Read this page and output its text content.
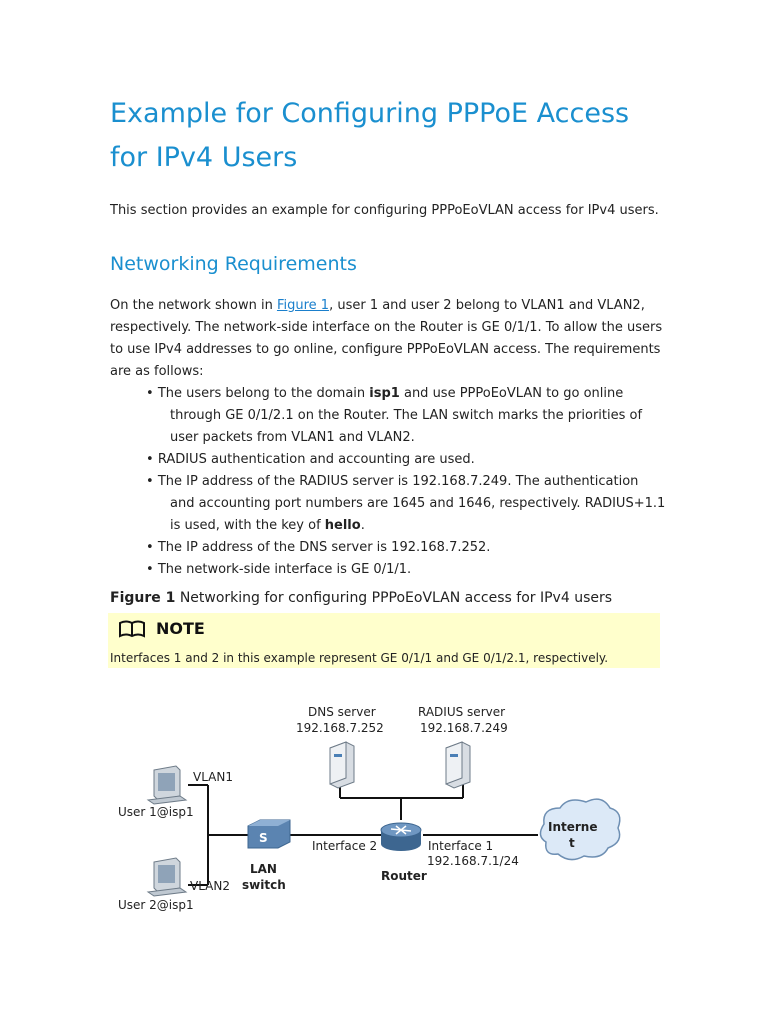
Example for Configuring PPPoE Access for IPv4 Users

This section provides an example for configuring PPPoEoVLAN access for IPv4 users.

Networking Requirements

On the network shown in Figure 1, user 1 and user 2 belong to VLAN1 and VLAN2, respectively. The network-side interface on the Router is GE 0/1/1. To allow the users to use IPv4 addresses to go online, configure PPPoEoVLAN access. The requirements are as follows:

• The users belong to the domain isp1 and use PPPoEoVLAN to go online
through GE 0/1/2.1 on the Router. The LAN switch marks the priorities of user packets from VLAN1 and VLAN2.
• RADIUS authentication and accounting are used.
• The IP address of the RADIUS server is 192.168.7.249. The authentication
and accounting port numbers are 1645 and 1646, respectively. RADIUS+1.1 is used, with the key of hello.
• The IP address of the DNS server is 192.168.7.252.
• The network-side interface is GE 0/1/1.

Figure 1 Networking for configuring PPPoEoVLAN access for IPv4 users

NOTE
Interfaces 1 and 2 in this example represent GE 0/1/1 and GE 0/1/2.1, respectively.
DNS server
192.168.7.252
RADIUS server
192.168.7.249
VLAN1
User 1@isp1
VLAN2
User 2@isp1
S
LAN
switch
Interface 2	Interface 1
192.168.7.1/24
Router
Interne
t
